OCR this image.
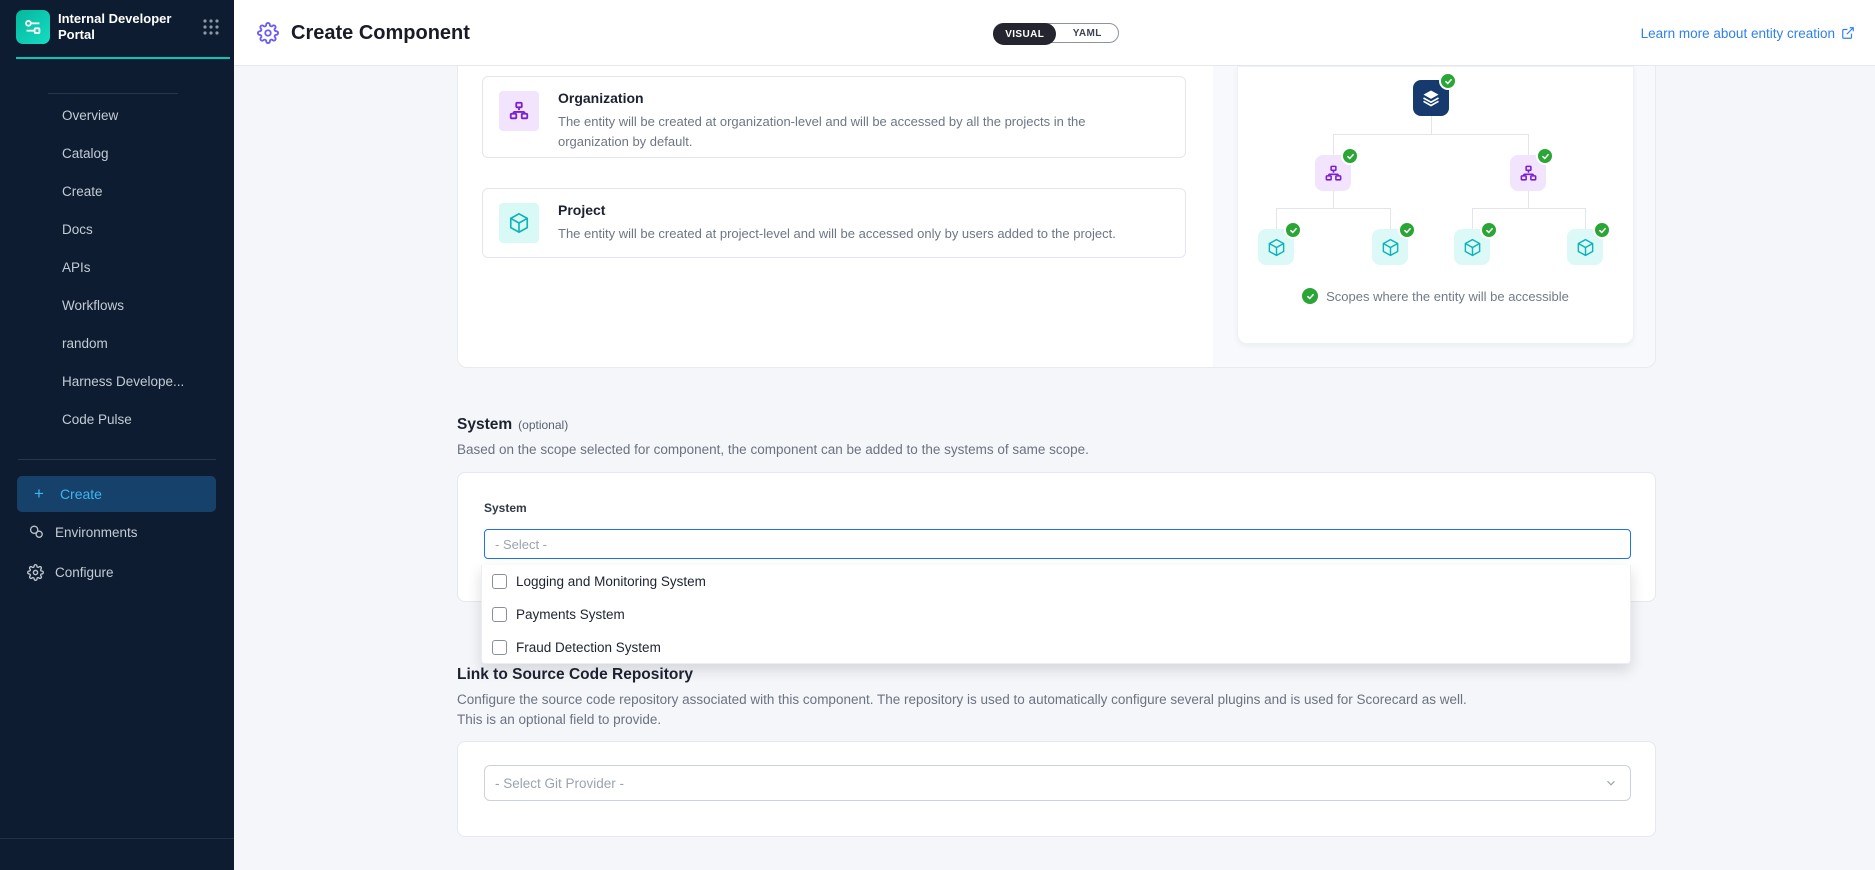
Internal Developer Portal
Overview
Catalog
Create
Docs
APIs
Workflows
random
Harness Develope...
Code Pulse
+ Create
Environments
Configure
Create Component	VISUAL	YAML	Learn more about entity creation
Organization
The entity will be created at organization-level and will be accessed by all the projects in the organization by default.
Project
The entity will be created at project-level and will be accessed only by users added to the project.
Scopes where the entity will be accessible
System (optional)
Based on the scope selected for component, the component can be added to the systems of same scope.
System
- Select -
Logging and Monitoring System
Payments System
Fraud Detection System
Link to Source Code Repository
Configure the source code repository associated with this component. The repository is used to automatically configure several plugins and is used for Scorecard as well.
This is an optional field to provide.
- Select Git Provider -
